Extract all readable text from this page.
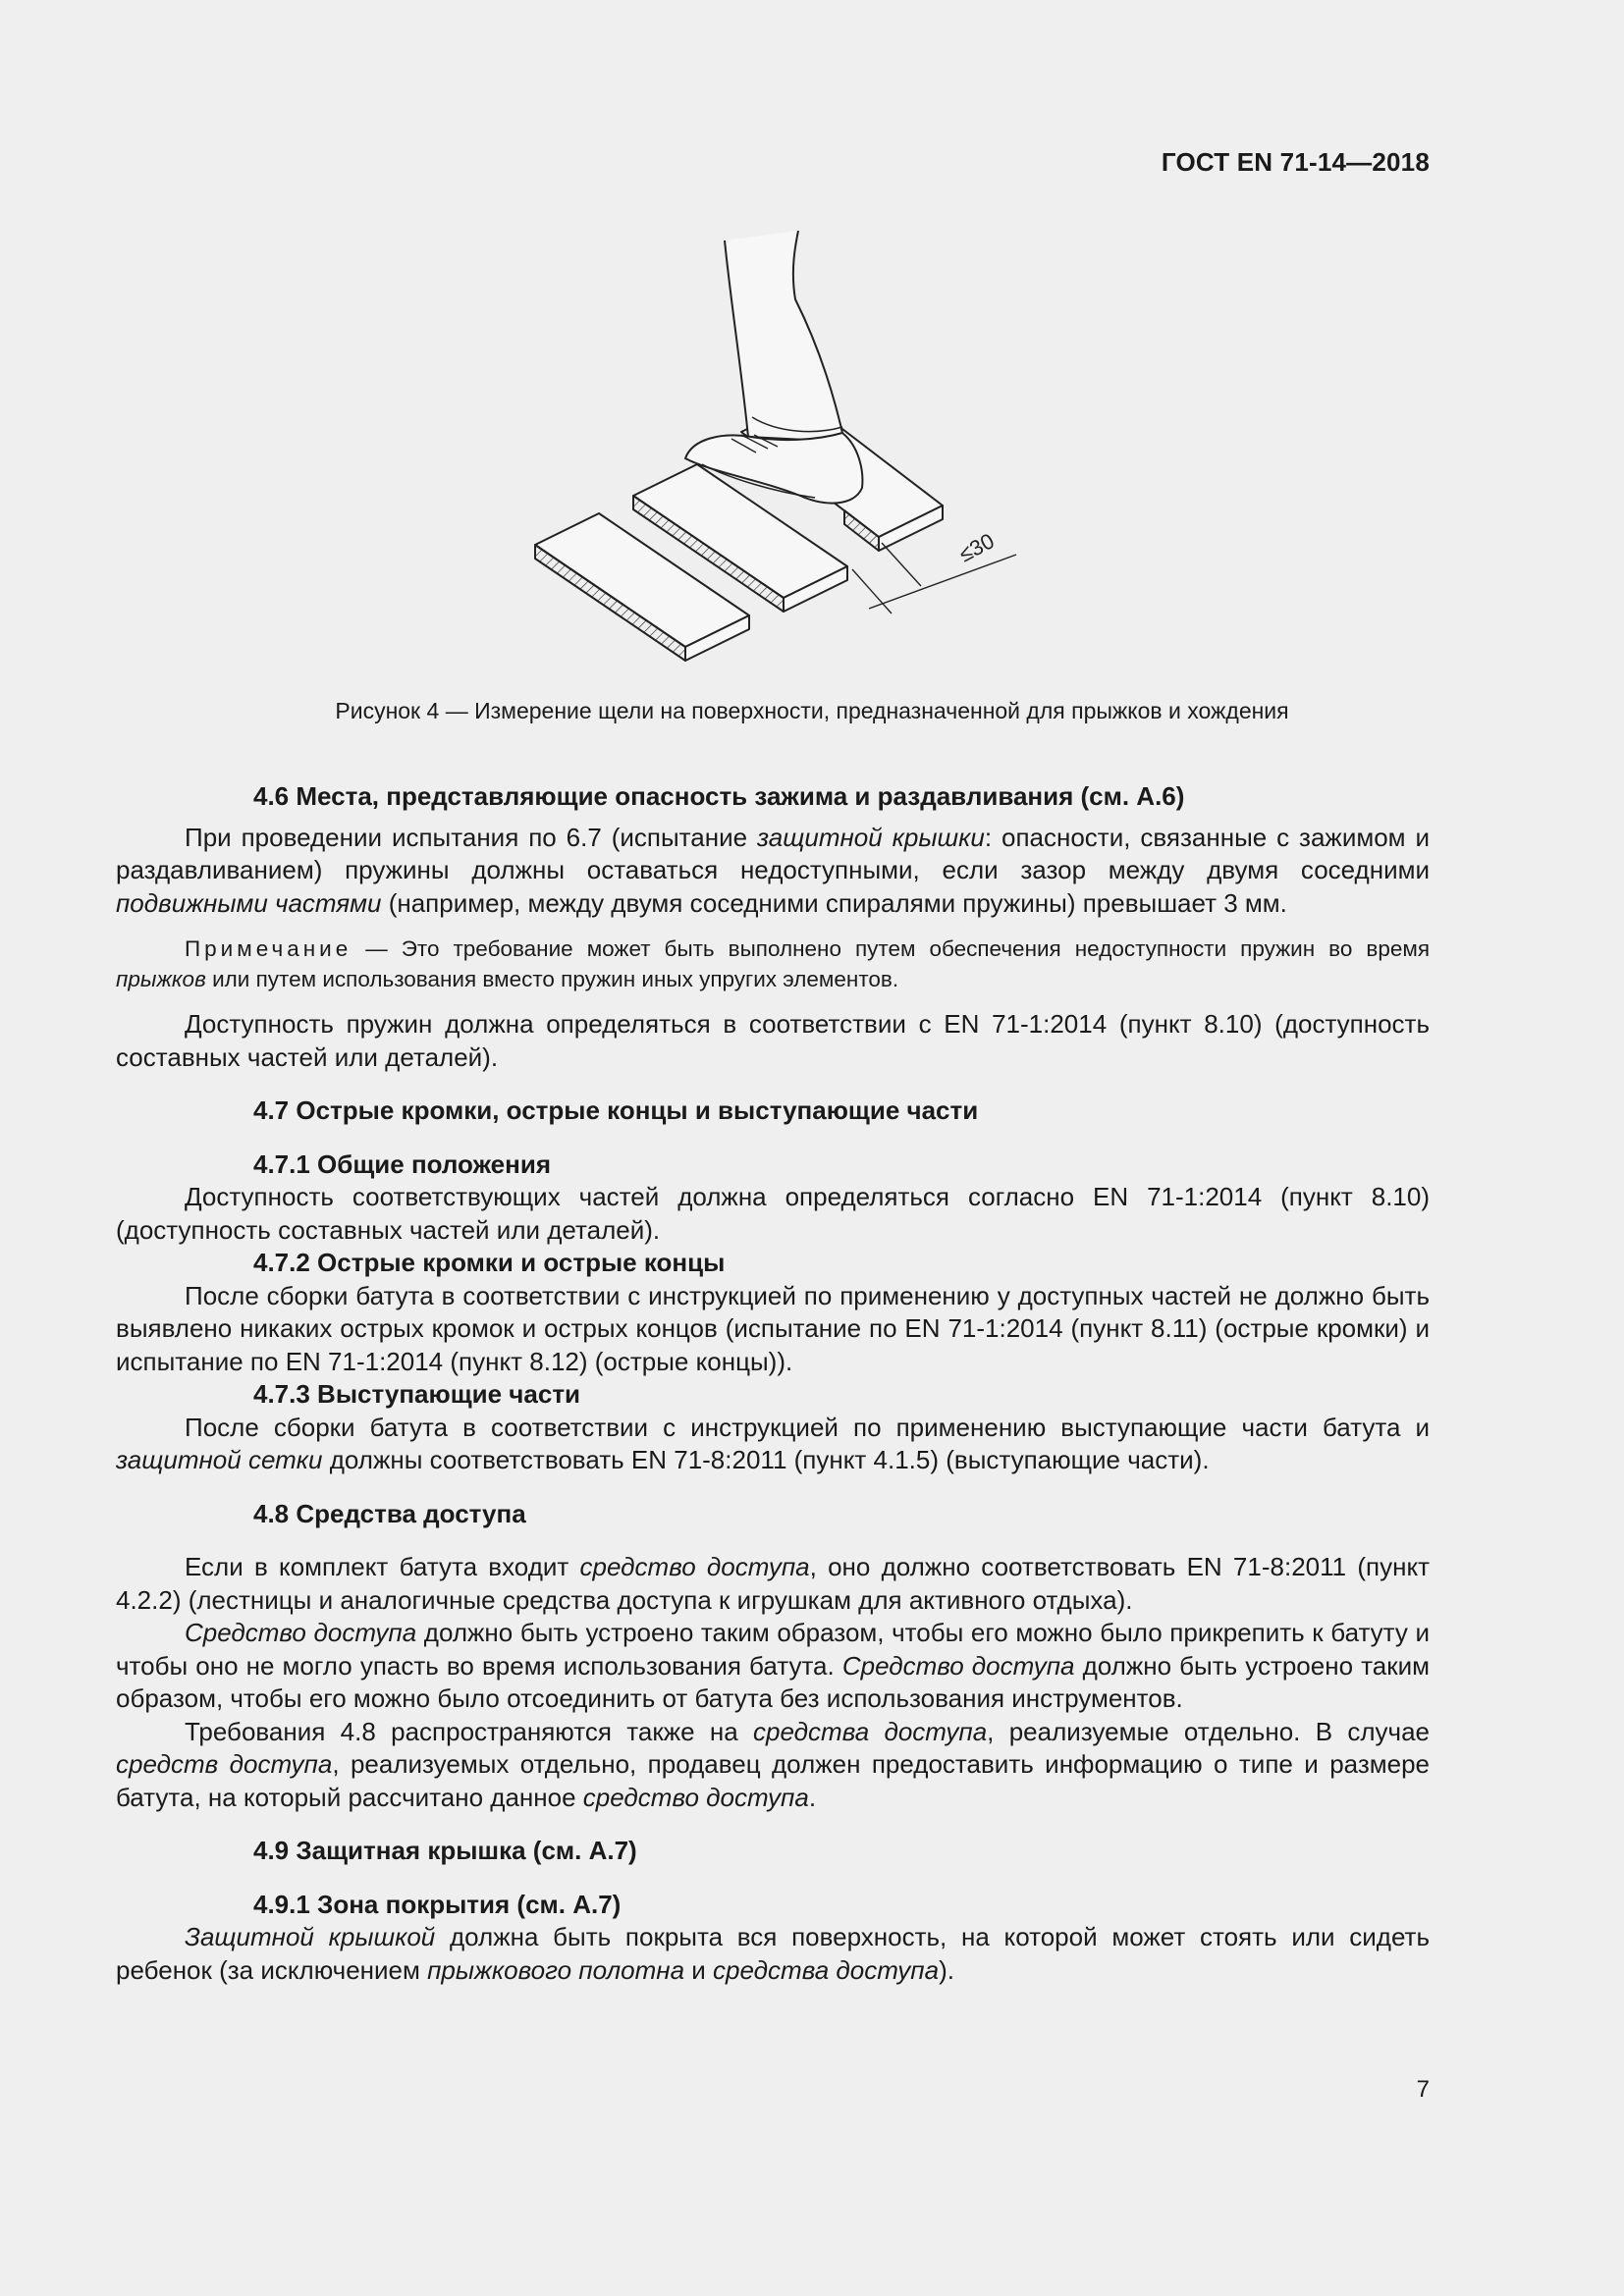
ГОСТ EN 71-14—2018
≤30
Рисунок 4 — Измерение щели на поверхности, предназначенной для прыжков и хождения

4.6 Места, представляющие опасность зажима и раздавливания (см. А.6)

При проведении испытания по 6.7 (испытание защитной крышки: опасности, связанные с зажимом и раздавливанием) пружины должны оставаться недоступными, если зазор между двумя соседними подвижными частями (например, между двумя соседними спиралями пружины) превышает 3 мм.

Примечание — Это требование может быть выполнено путем обеспечения недоступности пружин во время прыжков или путем использования вместо пружин иных упругих элементов.

Доступность пружин должна определяться в соответствии с EN 71-1:2014 (пункт 8.10) (доступность составных частей или деталей).

4.7 Острые кромки, острые концы и выступающие части

4.7.1 Общие положения

Доступность соответствующих частей должна определяться согласно EN 71-1:2014 (пункт 8.10) (доступность составных частей или деталей).

4.7.2 Острые кромки и острые концы

После сборки батута в соответствии с инструкцией по применению у доступных частей не должно быть выявлено никаких острых кромок и острых концов (испытание по EN 71-1:2014 (пункт 8.11) (острые кромки) и испытание по EN 71-1:2014 (пункт 8.12) (острые концы)).

4.7.3 Выступающие части

После сборки батута в соответствии с инструкцией по применению выступающие части батута и защитной сетки должны соответствовать EN 71-8:2011 (пункт 4.1.5) (выступающие части).

4.8 Средства доступа

Если в комплект батута входит средство доступа, оно должно соответствовать EN 71-8:2011 (пункт 4.2.2) (лестницы и аналогичные средства доступа к игрушкам для активного отдыха).

Средство доступа должно быть устроено таким образом, чтобы его можно было прикрепить к батуту и чтобы оно не могло упасть во время использования батута. Средство доступа должно быть устроено таким образом, чтобы его можно было отсоединить от батута без использования инструментов.

Требования 4.8 распространяются также на средства доступа, реализуемые отдельно. В случае средств доступа, реализуемых отдельно, продавец должен предоставить информацию о типе и размере батута, на который рассчитано данное средство доступа.

4.9 Защитная крышка (см. А.7)

4.9.1 Зона покрытия (см. А.7)

Защитной крышкой должна быть покрыта вся поверхность, на которой может стоять или сидеть ребенок (за исключением прыжкового полотна и средства доступа).

7
